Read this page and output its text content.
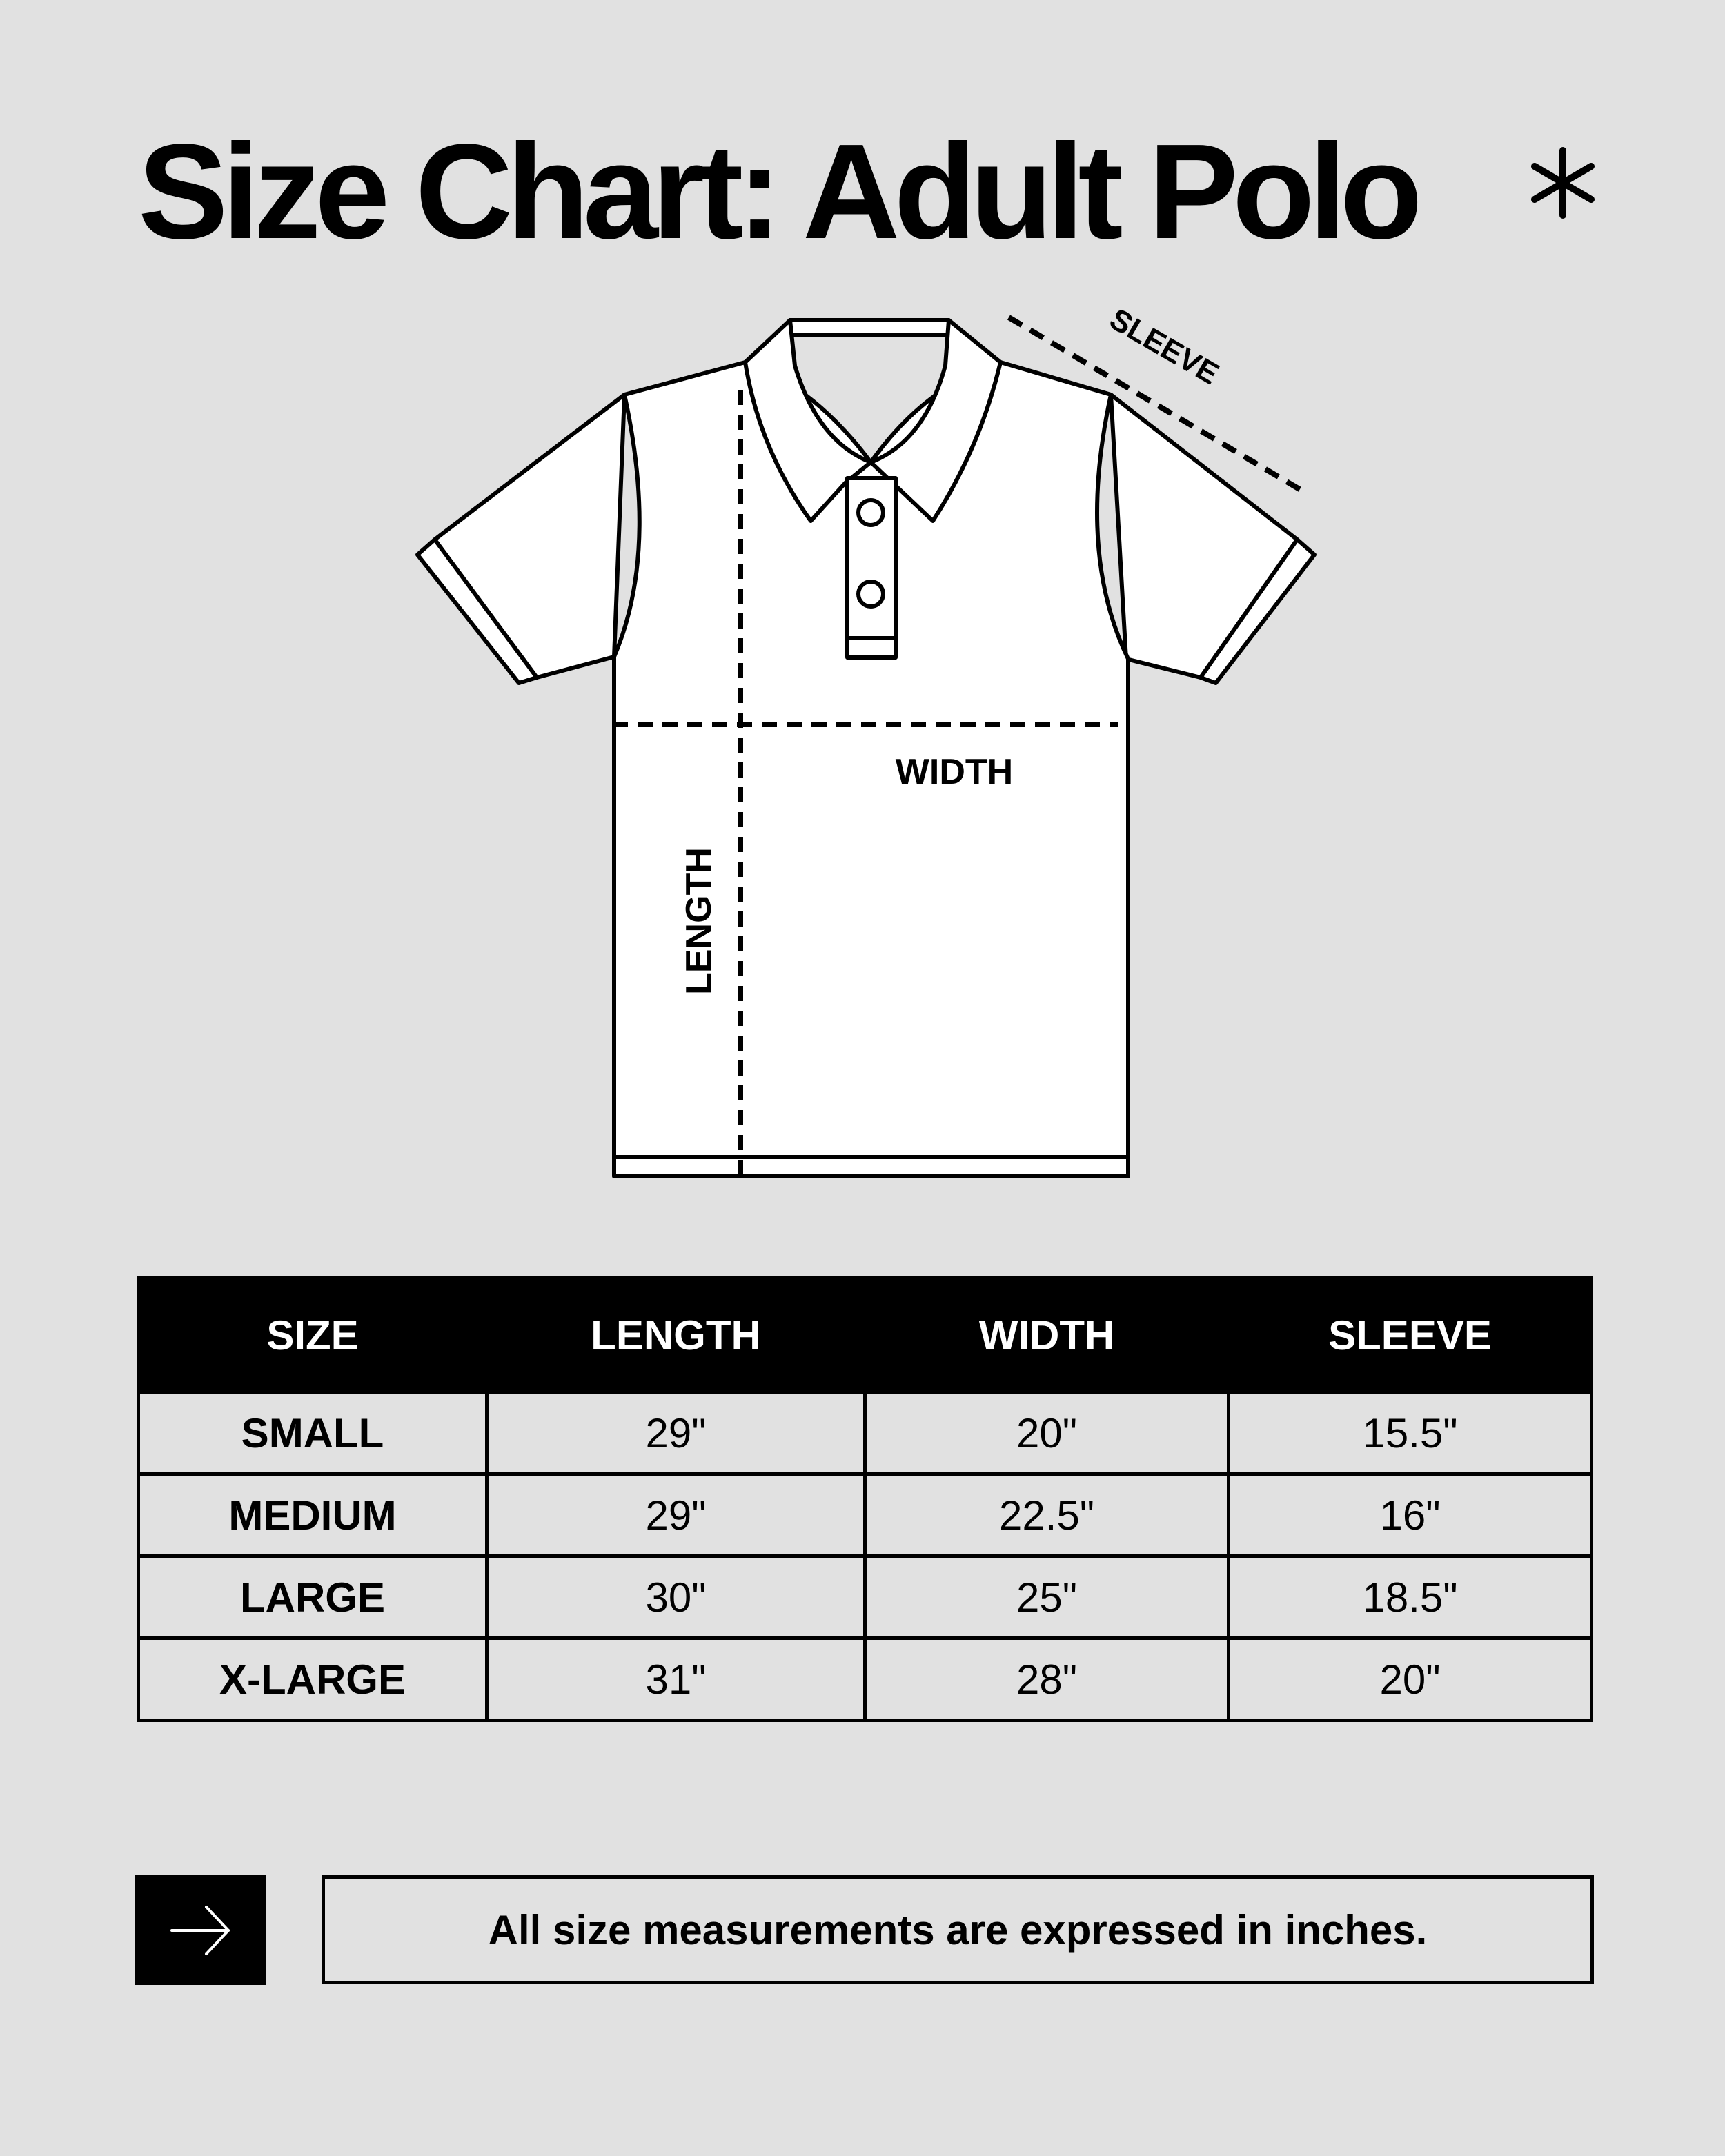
Size Chart: Adult Polo
WIDTH
LENGTH
SLEEVE
SIZE	LENGTH	WIDTH	SLEEVE
SMALL	29"	20"	15.5"
MEDIUM	29"	22.5"	16"
LARGE	30"	25"	18.5"
X-LARGE	31"	28"	20"
All size measurements are expressed in inches.
